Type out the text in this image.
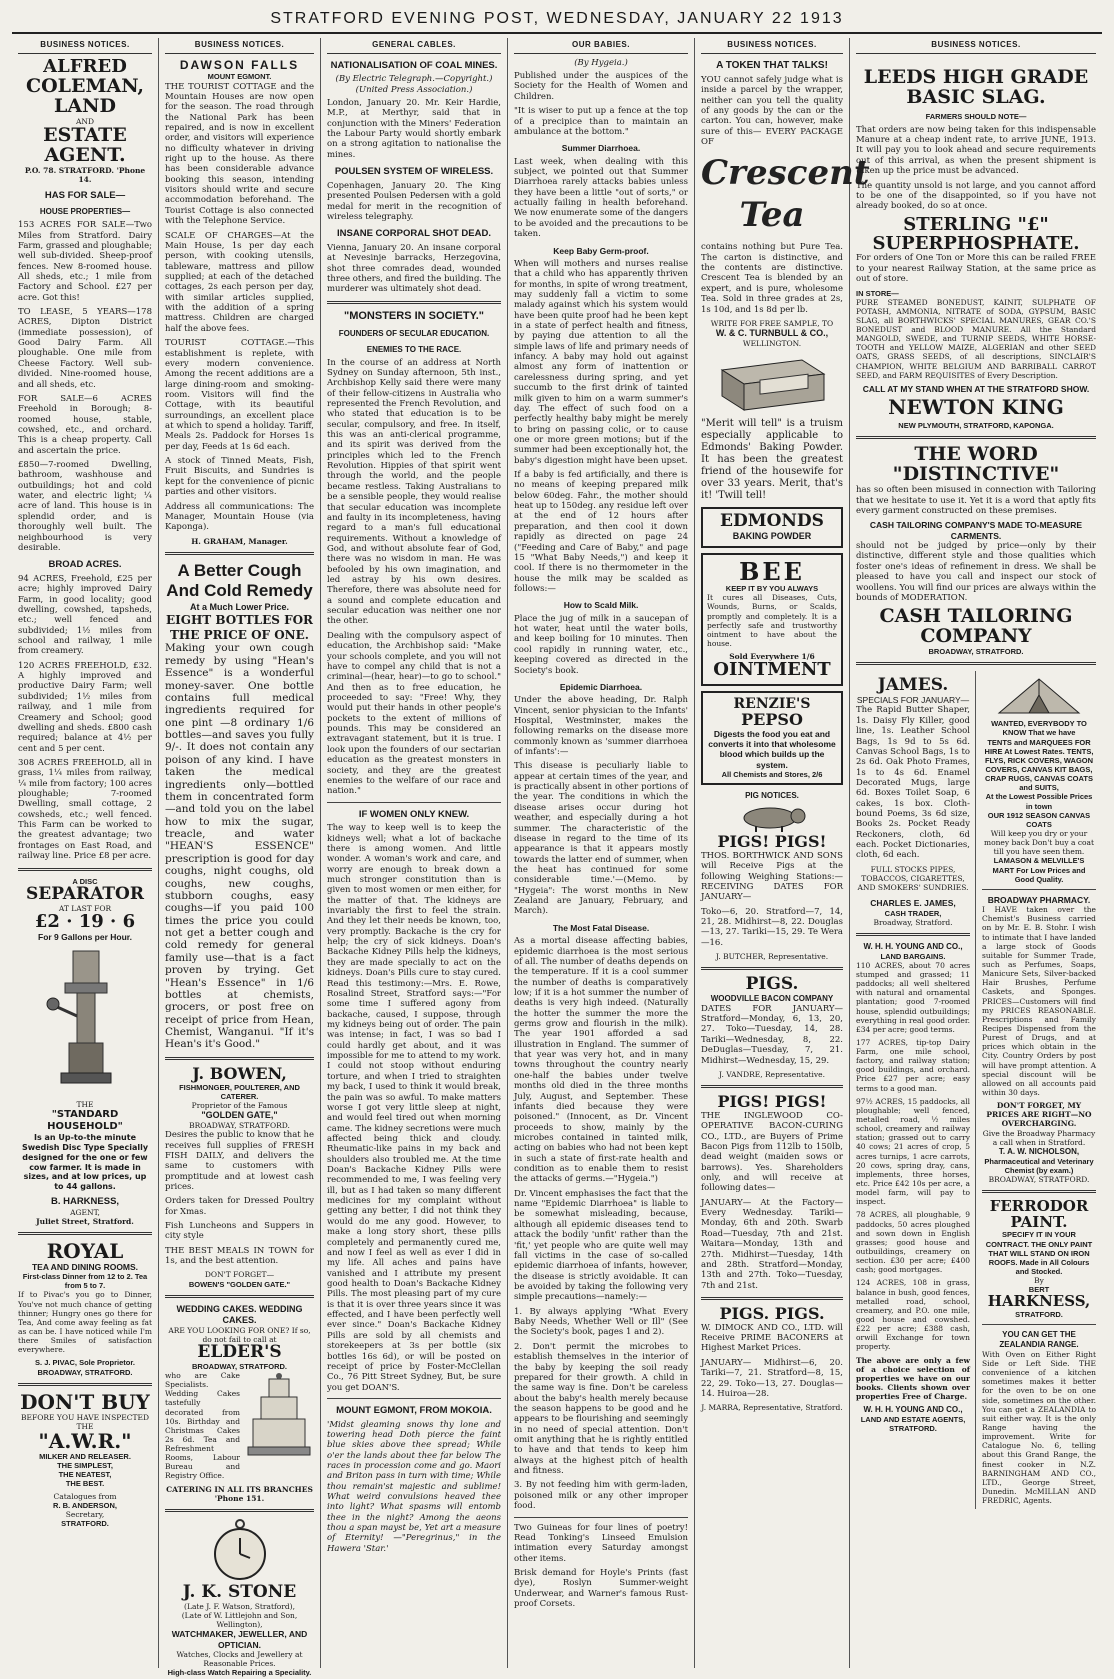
STRATFORD EVENING POST, WEDNESDAY, JANUARY 22 1913
BUSINESS NOTICES.
ALFRED
COLEMAN,
LAND
AND
ESTATE
AGENT.
P.O. 78. STRATFORD. 'Phone 14.
HAS FOR SALE—
HOUSE PROPERTIES—

153 ACRES FOR SALE—Two Miles from Stratford. Dairy Farm, grassed and ploughable; well sub-divided. Sheep-proof fences. New 8-roomed house. All sheds, etc.; 1 mile from Factory and School. £27 per acre. Got this!

TO LEASE, 5 YEARS—178 ACRES, Dipton District (immediate possession), of Good Dairy Farm. All ploughable. One mile from Cheese Factory. Well sub-divided. Nine-roomed house, and all sheds, etc.

FOR SALE—6 ACRES Freehold in Borough; 8-roomed house, stable, cowshed, etc., and orchard. This is a cheap property. Call and ascertain the price.

£850—7-roomed Dwelling, bathroom, washhouse and outbuildings; hot and cold water, and electric light; ¼ acre of land. This house is in splendid order, and is thoroughly well built. The neighbourhood is very desirable.

BROAD ACRES.

94 ACRES, Freehold, £25 per acre; highly improved Dairy Farm, in good locality; good dwelling, cowshed, tapsheds, etc.; well fenced and subdivided; 1½ miles from school and railway, 1 mile from creamery.

120 ACRES FREEHOLD, £32. A highly improved and productive Dairy Farm; well subdivided; 1½ miles from railway, and 1 mile from Creamery and School; good dwelling and sheds. £800 cash required; balance at 4½ per cent and 5 per cent.

308 ACRES FREEHOLD, all in grass, 1¼ miles from railway, ¼ mile from factory; 100 acres ploughable; 7-roomed Dwelling, small cottage, 2 cowsheds, etc.; well fenced. This Farm can be worked to the greatest advantage; two frontages on East Road, and railway line. Price £8 per acre.

A DISC
SEPARATOR
AT LAST FOR
£2 · 19 · 6
For 9 Gallons per Hour.
THE
"STANDARD HOUSEHOLD"
Is an Up-to-the minute Swedish Disc Type Specially designed for the one or few cow farmer. It is made in sizes, and at low prices, up to 44 gallons.
B. HARKNESS,
AGENT,
Juliet Street, Stratford.
ROYAL
TEA AND DINING ROOMS.
First-class Dinner from 12 to 2. Tea from 5 to 7.

If to Pivac's you go to Dinner, You've not much chance of getting thinner; Hungry ones go there for Tea, And come away feeling as fat as can be. I have noticed while I'm there Smiles of satisfaction everywhere.

S. J. PIVAC, Sole Proprietor.
BROADWAY, STRATFORD.
DON'T BUY
BEFORE YOU HAVE INSPECTED THE
"A.W.R."
MILKER AND RELEASER.
THE SIMPLEST,
THE NEATEST,
THE BEST.
Catalogues from
R. B. ANDERSON,
Secretary,
STRATFORD.
BUSINESS NOTICES.
DAWSON FALLS
MOUNT EGMONT.

THE TOURIST COTTAGE and the Mountain Houses are now open for the season. The road through the National Park has been repaired, and is now in excellent order, and visitors will experience no difficulty whatever in driving right up to the house. As there has been considerable advance booking this season, intending visitors should write and secure accommodation beforehand. The Tourist Cottage is also connected with the Telephone Service.

SCALE OF CHARGES—At the Main House, 1s per day each person, with cooking utensils, tableware, mattress and pillow supplied; at each of the detached cottages, 2s each person per day, with similar articles supplied, with the addition of a spring mattress. Children are charged half the above fees.

TOURIST COTTAGE.—This establishment is replete, with every modern convenience. Among the recent additions are a large dining-room and smoking-room. Visitors will find the Cottage, with its beautiful surroundings, an excellent place at which to spend a holiday. Tariff, Meals 2s. Paddock for Horses 1s per day, Feeds at 1s 6d each.

A stock of Tinned Meats, Fish, Fruit Biscuits, and Sundries is kept for the convenience of picnic parties and other visitors.

Address all communications: The Manager, Mountain House (via Kaponga).

H. GRAHAM, Manager.
A Better Cough
And Cold Remedy
At a Much Lower Price.
EIGHT BOTTLES FOR THE PRICE OF ONE.

Making your own cough remedy by using "Hean's Essence" is a wonderful money-saver. One bottle contains full medical ingredients required for one pint —8 ordinary 1/6 bottles—and saves you fully 9/-. It does not contain any poison of any kind. I have taken the medical ingredients only—bottled them in concentrated form—and told you on the label how to mix the sugar, treacle, and water "HEAN'S ESSENCE" prescription is good for day coughs, night coughs, old coughs, new coughs, stubborn coughs, easy coughs—if you paid 100 times the price you could not get a better cough and cold remedy for general family use—that is a fact proven by trying. Get "Hean's Essence" in 1/6 bottles at chemists, grocers, or post free on receipt of price from Hean, Chemist, Wanganui. "If it's Hean's it's Good."

J. BOWEN,
FISHMONGER, POULTERER, AND CATERER.
Proprietor of the Famous
"GOLDEN GATE,"
BROADWAY, STRATFORD.

Desires the public to know that he receives full supplies of FRESH FISH DAILY, and delivers the same to customers with promptitude and at lowest cash prices.

Orders taken for Dressed Poultry for Xmas.

Fish Luncheons and Suppers in city style

THE BEST MEALS IN TOWN for 1s, and the best attention.

DON'T FORGET—
BOWEN'S "GOLDEN GATE."
WEDDING CAKES. WEDDING CAKES.
ARE YOU LOOKING FOR ONE? If so, do not fail to call at
ELDER'S
BROADWAY, STRATFORD.

who are Cake Specialists. Wedding Cakes tastefully decorated from 10s. Birthday and Christmas Cakes 2s 6d. Tea and Refreshment Rooms, Labour Bureau and Registry Office.

CATERING IN ALL ITS BRANCHES 'Phone 151.
J. K. STONE
(Late J. F. Watson, Stratford),
(Late of W. Littlejohn and Son, Wellington),
WATCHMAKER, JEWELLER, AND OPTICIAN.
Watches, Clocks and Jewellery at Reasonable Prices.
High-class Watch Repairing a Speciality.
GENERAL CABLES.
NATIONALISATION OF COAL MINES.
(By Electric Telegraph.—Copyright.) (United Press Association.)

London, January 20. Mr. Keir Hardie, M.P., at Merthyr, said that in conjunction with the Miners' Federation the Labour Party would shortly embark on a strong agitation to nationalise the mines.

POULSEN SYSTEM OF WIRELESS.

Copenhagen, January 20. The King presented Poulsen Pedersen with a gold medal for merit in the recognition of wireless telegraphy.

INSANE CORPORAL SHOT DEAD.

Vienna, January 20. An insane corporal at Nevesinje barracks, Herzegovina, shot three comrades dead, wounded three others, and fired the building. The murderer was ultimately shot dead.

"MONSTERS IN SOCIETY."
FOUNDERS OF SECULAR EDUCATION.
ENEMIES TO THE RACE.

In the course of an address at North Sydney on Sunday afternoon, 5th inst., Archbishop Kelly said there were many of their fellow-citizens in Australia who represented the French Revolution, and who stated that education is to be secular, compulsory, and free. In itself, this was an anti-clerical programme, and its spirit was derived from the principles which led to the French Revolution. Hippies of that spirit went through the world, and the people became restless. Taking Australians to be a sensible people, they would realise that secular education was incomplete and faulty in its incompleteness, having regard to a man's full educational requirements. Without a knowledge of God, and without absolute fear of God, there was no wisdom in man. He was befooled by his own imagination, and led astray by his own desires. Therefore, there was absolute need for a sound and complete education and secular education was neither one nor the other.

Dealing with the compulsory aspect of education, the Archbishop said: "Make your schools complete, and you will not have to compel any child that is not a criminal—(hear, hear)—to go to school." And then as to free education, he proceeded to say: "Free! Why, they would put their hands in other people's pockets to the extent of millions of pounds. This may be considered an extravagant statement, but it is true. I look upon the founders of our sectarian education as the greatest monsters in society, and they are the greatest enemies to the welfare of our race and nation."

IF WOMEN ONLY KNEW.

The way to keep well is to keep the kidneys well; what a lot of backache there is among women. And little wonder. A woman's work and care, and worry are enough to break down a much stronger constitution than is given to most women or men either, for the matter of that. The kidneys are invariably the first to feel the strain. And they let their needs be known, too, very promptly. Backache is the cry for help; the cry of sick kidneys. Doan's Backache Kidney Pills help the kidneys, they are made specially to act on the kidneys. Doan's Pills cure to stay cured. Read this testimony:—Mrs. E. Rowe, Rosalind Street, Stratford says:—"For some time I suffered agony from backache, caused, I suppose, through my kidneys being out of order. The pain was intense; in fact, I was so bad I could hardly get about, and it was impossible for me to attend to my work. I could not stoop without enduring torture, and when I tried to straighten my back, I used to think it would break, the pain was so awful. To make matters worse I got very little sleep at night, and would feel tired out when morning came. The kidney secretions were much affected being thick and cloudy. Rheumatic-like pains in my back and shoulders also troubled me. At the time Doan's Backache Kidney Pills were recommended to me, I was feeling very ill, but as I had taken so many different medicines for my complaint without getting any better, I did not think they would do me any good. However, to make a long story short, these pills completely and permanently cured me, and now I feel as well as ever I did in my life. All aches and pains have vanished and I attribute my present good health to Doan's Backache Kidney Pills. The most pleasing part of my cure is that it is over three years since it was effected, and I have been perfectly well ever since." Doan's Backache Kidney Pills are sold by all chemists and storekeepers at 3s per bottle (six bottles 16s 6d), or will be posted on receipt of price by Foster-McClellan Co., 76 Pitt Street Sydney, But, be sure you get DOAN'S.

MOUNT EGMONT, FROM MOKOIA.

'Midst gleaming snows thy lone and towering head Doth pierce the faint blue skies above thee spread; While o'er the lands about thee far below The races in procession come and go. Maori and Briton pass in turn with time; While thou remain'st majestic and sublime! What weird convulsions heaved thee into light? What spasms will entomb thee in the night? Among the aeons thou a span mayst be, Yet art a measure of Eternity! —"Peregrinus," in the Hawera 'Star.'

OUR BABIES.
(By Hygeia.)

Published under the auspices of the Society for the Health of Women and Children.

"It is wiser to put up a fence at the top of a precipice than to maintain an ambulance at the bottom."

Summer Diarrhoea.

Last week, when dealing with this subject, we pointed out that Summer Diarrhoea rarely attacks babies unless they have been a little "out of sorts," or actually failing in health beforehand. We now enumerate some of the dangers to be avoided and the precautions to be taken.

Keep Baby Germ-proof.

When will mothers and nurses realise that a child who has apparently thriven for months, in spite of wrong treatment, may suddenly fall a victim to some malady against which his system would have been quite proof had he been kept in a state of perfect health and fitness, by paying due attention to all the simple laws of life and primary needs of infancy. A baby may hold out against almost any form of inattention or carelessness during spring, and yet succumb to the first drink of tainted milk given to him on a warm summer's day. The effect of such food on a perfectly healthy baby might be merely to bring on passing colic, or to cause one or more green motions; but if the summer had been exceptionally hot, the baby's digestion might have been upset.

If a baby is fed artificially, and there is no means of keeping prepared milk below 60deg. Fahr., the mother should heat up to 150deg. any residue left over at the end of 12 hours after preparation, and then cool it down rapidly as directed on page 24 ("Feeding and Care of Baby," and page 15 "What Baby Needs,") and keep it cool. If there is no thermometer in the house the milk may be scalded as follows:—

How to Scald Milk.

Place the jug of milk in a saucepan of hot water, heat until the water boils, and keep boiling for 10 minutes. Then cool rapidly in running water, etc., keeping covered as directed in the Society's book.

Epidemic Diarrhoea.

Under the above heading, Dr. Ralph Vincent, senior physician to the Infants' Hospital, Westminster, makes the following remarks on the disease more commonly known as 'summer diarrhoea of infants':—

This disease is peculiarly liable to appear at certain times of the year, and is practically absent in other portions of the year. The conditions in which the disease arises occur during hot weather, and especially during a hot summer. The characteristic of the disease in regard to the time of its appearance is that it appears mostly towards the latter end of summer, when the heat has continued for some considerable time.'—(Memo. by "Hygeia": The worst months in New Zealand are January, February, and March).

The Most Fatal Disease.

As a mortal disease affecting babies, epidemic diarrhoea is the most serious of all. The number of deaths depends on the temperature. If it is a cool summer the number of deaths is comparatively low; if it is a hot summer the number of deaths is very high indeed. (Naturally the hotter the summer the more the germs grow and flourish in the milk). The year 1901 afforded a sad illustration in England. The summer of that year was very hot, and in many towns throughout the country nearly one-half the babies under twelve months old died in the three months July, August, and September. These infants died because they were poisoned." (Innocent, as Dr. Vincent proceeds to show, mainly by the microbes contained in tainted milk, acting on babies who had not been kept in such a state of first-rate health and condition as to enable them to resist the attacks of germs.—"Hygeia.")

Dr. Vincent emphasises the fact that the name "Epidemic Diarrhoea" is liable to be somewhat misleading, because, although all epidemic diseases tend to attack the bodily 'unfit' rather than the 'fit,' yet people who are quite well may fall victims in the case of so-called epidemic diarrhoea of infants, however, the disease is strictly avoidable. It can be avoided by taking the following very simple precautions—namely:—

1. By always applying "What Every Baby Needs, Whether Well or Ill" (See the Society's book, pages 1 and 2).

2. Don't permit the microbes to establish themselves in the interior of the baby by keeping the soil ready prepared for their growth. A child in the same way is fine. Don't be careless about the baby's health merely because the season happens to be good and he appears to be flourishing and seemingly in no need of special attention. Don't omit anything that he is rightly entitled to have and that tends to keep him always at the highest pitch of health and fitness.

3. By not feeding him with germ-laden, poisoned milk or any other improper food.

Two Guineas for four lines of poetry! Read Tonking's Linseed Emulsion intimation every Saturday amongst other items.

Brisk demand for Hoyle's Prints (fast dye), Roslyn Summer-weight Underwear, and Warner's famous Rust-proof Corsets.

BUSINESS NOTICES.
A TOKEN THAT TALKS!

YOU cannot safely judge what is inside a parcel by the wrapper, neither can you tell the quality of any goods by the can or the carton. You can, however, make sure of this— EVERY PACKAGE OF

Crescent Tea

contains nothing but Pure Tea. The carton is distinctive, and the contents are distinctive. Crescent Tea is blended by an expert, and is pure, wholesome Tea. Sold in three grades at 2s, 1s 10d, and 1s 8d per lb.

WRITE FOR FREE SAMPLE, TO
W. & C. TURNBULL & CO.,
WELLINGTON.

"Merit will tell" is a truism especially applicable to Edmonds' Baking Powder. It has been the greatest friend of the housewife for over 33 years. Merit, that's it! 'Twill tell!

EDMONDS
BAKING POWDER
BEE
KEEP IT BY YOU ALWAYS

It cures all Diseases, Cuts, Wounds, Burns, or Scalds, promptly and completely. It is a perfectly safe and trustworthy ointment to have about the house.

Sold Everywhere 1/6
OINTMENT
RENZIE'S
PEPSO
Digests the food you eat and converts it into that wholesome blood which builds up the system.
All Chemists and Stores, 2/6
PIG NOTICES.
PIGS! PIGS!

THOS. BORTHWICK AND SONS will Receive Pigs at the following Weighing Stations:— RECEIVING DATES FOR JANUARY—

Toko—6, 20. Stratford—7, 14, 21, 28. Midhirst—8, 22. Douglas—13, 27. Tariki—15, 29. Te Wera—16.

J. BUTCHER, Representative.
PIGS.
WOODVILLE BACON COMPANY

DATES FOR JANUARY— Stratford—Monday, 6, 13, 20, 27. Toko—Tuesday, 14, 28. Tariki—Wednesday, 8, 22. DeDuglas—Tuesday, 7, 21. Midhirst—Wednesday, 15, 29.

J. VANDRE, Representative.
PIGS! PIGS!

THE INGLEWOOD CO-OPERATIVE BACON-CURING CO., LTD., are Buyers of Prime Bacon Pigs from 112lb to 150lb, dead weight (maiden sows or barrows). Yes. Shareholders only, and will receive at following dates—

JANUARY— At the Factory—Every Wednesday. Tariki—Monday, 6th and 20th. Swarb Road—Tuesday, 7th and 21st. Waitara—Monday, 13th and 27th. Midhirst—Tuesday, 14th and 28th. Stratford—Monday, 13th and 27th. Toko—Tuesday, 7th and 21st.

PIGS. PIGS.

W. DIMOCK AND CO., LTD. will Receive PRIME BACONERS at Highest Market Prices.

JANUARY— Midhirst—6, 20. Tariki—7, 21. Stratford—8, 15, 22, 29. Toko—13, 27. Douglas—14. Huiroa—28.

J. MARRA, Representative, Stratford.
BUSINESS NOTICES.
LEEDS HIGH GRADE BASIC SLAG.
FARMERS SHOULD NOTE—

That orders are now being taken for this indispensable Manure at a cheap indent rate, to arrive JUNE, 1913. It will pay you to look ahead and secure requirements out of this arrival, as when the present shipment is taken up the price must be advanced.

The quantity unsold is not large, and you cannot afford to be one of the disappointed, so if you have not already booked, do so at once.

STERLING "£" SUPERPHOSPHATE.

For orders of One Ton or More this can be railed FREE to your nearest Railway Station, at the same price as out of store.

IN STORE—

PURE STEAMED BONEDUST, KAINIT, SULPHATE OF POTASH, AMMONIA, NITRATE of SODA, GYPSUM, BASIC SLAG, all BORTHWICKS' SPECIAL MANURES, GEAR CO.'S BONEDUST and BLOOD MANURE. All the Standard MANGOLD, SWEDE, and TURNIP SEEDS, WHITE HORSE-TOOTH and YELLOW MAIZE, ALGERIAN and other SEED OATS, GRASS SEEDS, of all descriptions, SINCLAIR'S CHAMPION, WHITE BELGIUM AND BARRIBALL CARROT SEED, and FARM REQUISITES of Every Description.

CALL AT MY STAND WHEN AT THE STRATFORD SHOW.
NEWTON KING
NEW PLYMOUTH, STRATFORD, KAPONGA.
THE WORD
"DISTINCTIVE"

has so often been misused in connection with Tailoring that we hesitate to use it. Yet it is a word that aptly fits every garment constructed on these premises.

CASH TAILORING COMPANY'S MADE TO-MEASURE CARMENTS.

should not be judged by price—only by their distinctive, different style and those qualities which foster one's ideas of refinement in dress. We shall be pleased to have you call and inspect our stock of woollens. You will find our prices are always within the bounds of MODERATION.

CASH TAILORING COMPANY
BROADWAY, STRATFORD.
JAMES.
SPECIALS FOR JANUARY—

The Rapid Butter Shaper, 1s. Daisy Fly Killer, good line, 1s. Leather School Bags, 1s 9d to 5s 6d. Canvas School Bags, 1s to 2s 6d. Oak Photo Frames, 1s to 4s 6d. Enamel Decorated Mugs, large 6d. Boxes Toilet Soap, 6 cakes, 1s box. Cloth-bound Poems, 3s 6d size, Books 2s. Pocket Ready Reckoners, cloth, 6d each. Pocket Dictionaries, cloth, 6d each.

FULL STOCKS PIPES, TOBACCOS, CIGARETTES, AND SMOKERS' SUNDRIES.
CHARLES E. JAMES,
CASH TRADER,
Broadway, Stratford.
W. H. H. YOUNG AND CO.,
LAND BARGAINS.

110 ACRES, about 70 acres stumped and grassed; 11 paddocks; all well sheltered with natural and ornamental plantation; good 7-roomed house, splendid outbuildings; everything in real good order. £34 per acre; good terms.

177 ACRES, tip-top Dairy Farm, one mile school, factory, and railway station; good buildings, and orchard. Price £27 per acre; easy terms to a good man.

97½ ACRES, 15 paddocks, all ploughable; well fenced, metalled road, ½ miles school, creamery and railway station; grassed out to carry 40 cows; 21 acres of crop, 5 acres turnips, 1 acre carrots, 20 cows, spring dray, cans, implements, three horses, etc. Price £42 10s per acre, a model farm, will pay to inspect.

78 ACRES, all ploughable, 9 paddocks, 50 acres ploughed and sown down in English grasses; good house and outbuildings, creamery on section. £30 per acre; £400 cash; good mortgages.

124 ACRES, 108 in grass, balance in bush, good fences, metalled road, school, creamery, and P.O. one mile, good house and cowshed. £22 per acre; £388 cash, orwill Exchange for town property.

The above are only a few of a choice selection of properties we have on our books. Clients shown over properties Free of Charge.

W. H. H. YOUNG AND CO.,
LAND AND ESTATE AGENTS,
STRATFORD.
WANTED, EVERYBODY TO KNOW That we have
TENTS and MARQUEES FOR HIRE At Lowest Rates. TENTS, FLYS, RICK COVERS, WAGON COVERS, CANVAS KIT BAGS, CRAP RUGS, CANVAS COATS and SUITS,
At the Lowest Possible Prices in town
OUR 1912 SEASON CANVAS COATS
Will keep you dry or your money back Don't buy a coat till you have seen them.
LAMASON & MELVILLE'S MART For Low Prices and Good Quality.
BROADWAY PHARMACY.

I HAVE taken over the Chemist's Business carried on by Mr. E. B. Stohr. I wish to intimate that I have landed a large stock of Goods suitable for Summer Trade, such as Perfumes, Soaps, Manicure Sets, Silver-backed Hair Brushes, Perfume Caskets, and Sponges. PRICES—Customers will find my PRICES REASONABLE. Prescriptions and Family Recipes Dispensed from the Purest of Drugs, and at prices which obtain in the City. Country Orders by post will have prompt attention. A special discount will be allowed on all accounts paid within 30 days.

DON'T FORGET, MY PRICES ARE RIGHT—NO OVERCHARGING.
Give the Broadway Pharmacy a call when in Stratford.
T. A. W. NICHOLSON,
Pharmaceutical and Veterinary Chemist (by exam.)
BROADWAY, STRATFORD.
FERRODOR PAINT.
SPECIFY IT IN YOUR CONTRACT. THE ONLY PAINT THAT WILL STAND ON IRON ROOFS. Made in All Colours and Stocked.
By
BERT
HARKNESS,
STRATFORD.
YOU CAN GET THE ZEALANDIA RANGE.

With Oven on Either Right Side or Left Side. THE convenience of a kitchen sometimes makes it better for the oven to be on one side, sometimes on the other. You can get a ZEALANDIA to suit either way. It is the only Range having the improvement. Write for Catalogue No. 6, telling about this Grand Range, the finest cooker in N.Z. BARNINGHAM AND CO., LTD., George Street, Dunedin. McMILLAN AND FREDRIC, Agents.
